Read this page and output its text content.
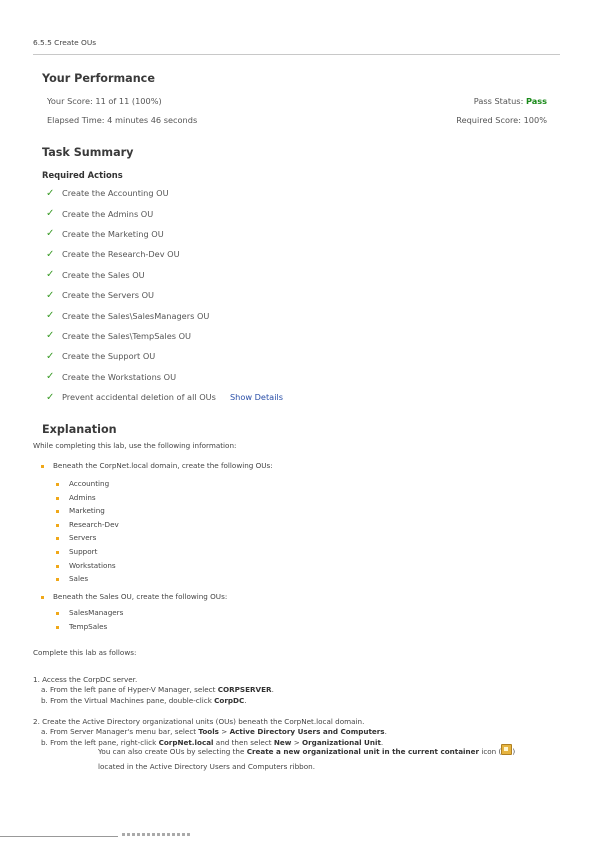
6.5.5 Create OUs
Your Performance
Your Score: 11 of 11 (100%)
Elapsed Time: 4 minutes 46 seconds
Pass Status: Pass
Required Score: 100%
Task Summary
Required Actions
✓ Create the Accounting OU
✓ Create the Admins OU
✓ Create the Marketing OU
✓ Create the Research-Dev OU
✓ Create the Sales OU
✓ Create the Servers OU
✓ Create the Sales\SalesManagers OU
✓ Create the Sales\TempSales OU
✓ Create the Support OU
✓ Create the Workstations OU
✓ Prevent accidental deletion of all OUs Show Details
Explanation
While completing this lab, use the following information:
Beneath the CorpNet.local domain, create the following OUs:
Accounting
Admins
Marketing
Research-Dev
Servers
Support
Workstations
Sales
Beneath the Sales OU, create the following OUs:
SalesManagers
TempSales
Complete this lab as follows:
1. Access the CorpDC server.
a. From the left pane of Hyper-V Manager, select CORPSERVER.
b. From the Virtual Machines pane, double-click CorpDC.
2. Create the Active Directory organizational units (OUs) beneath the CorpNet.local domain.
a. From Server Manager's menu bar, select Tools > Active Directory Users and Computers.
b. From the left pane, right-click CorpNet.local and then select New > Organizational Unit.
You can also create OUs by selecting the Create a new organizational unit in the current container icon ( ) located in the Active Directory Users and Computers ribbon.
